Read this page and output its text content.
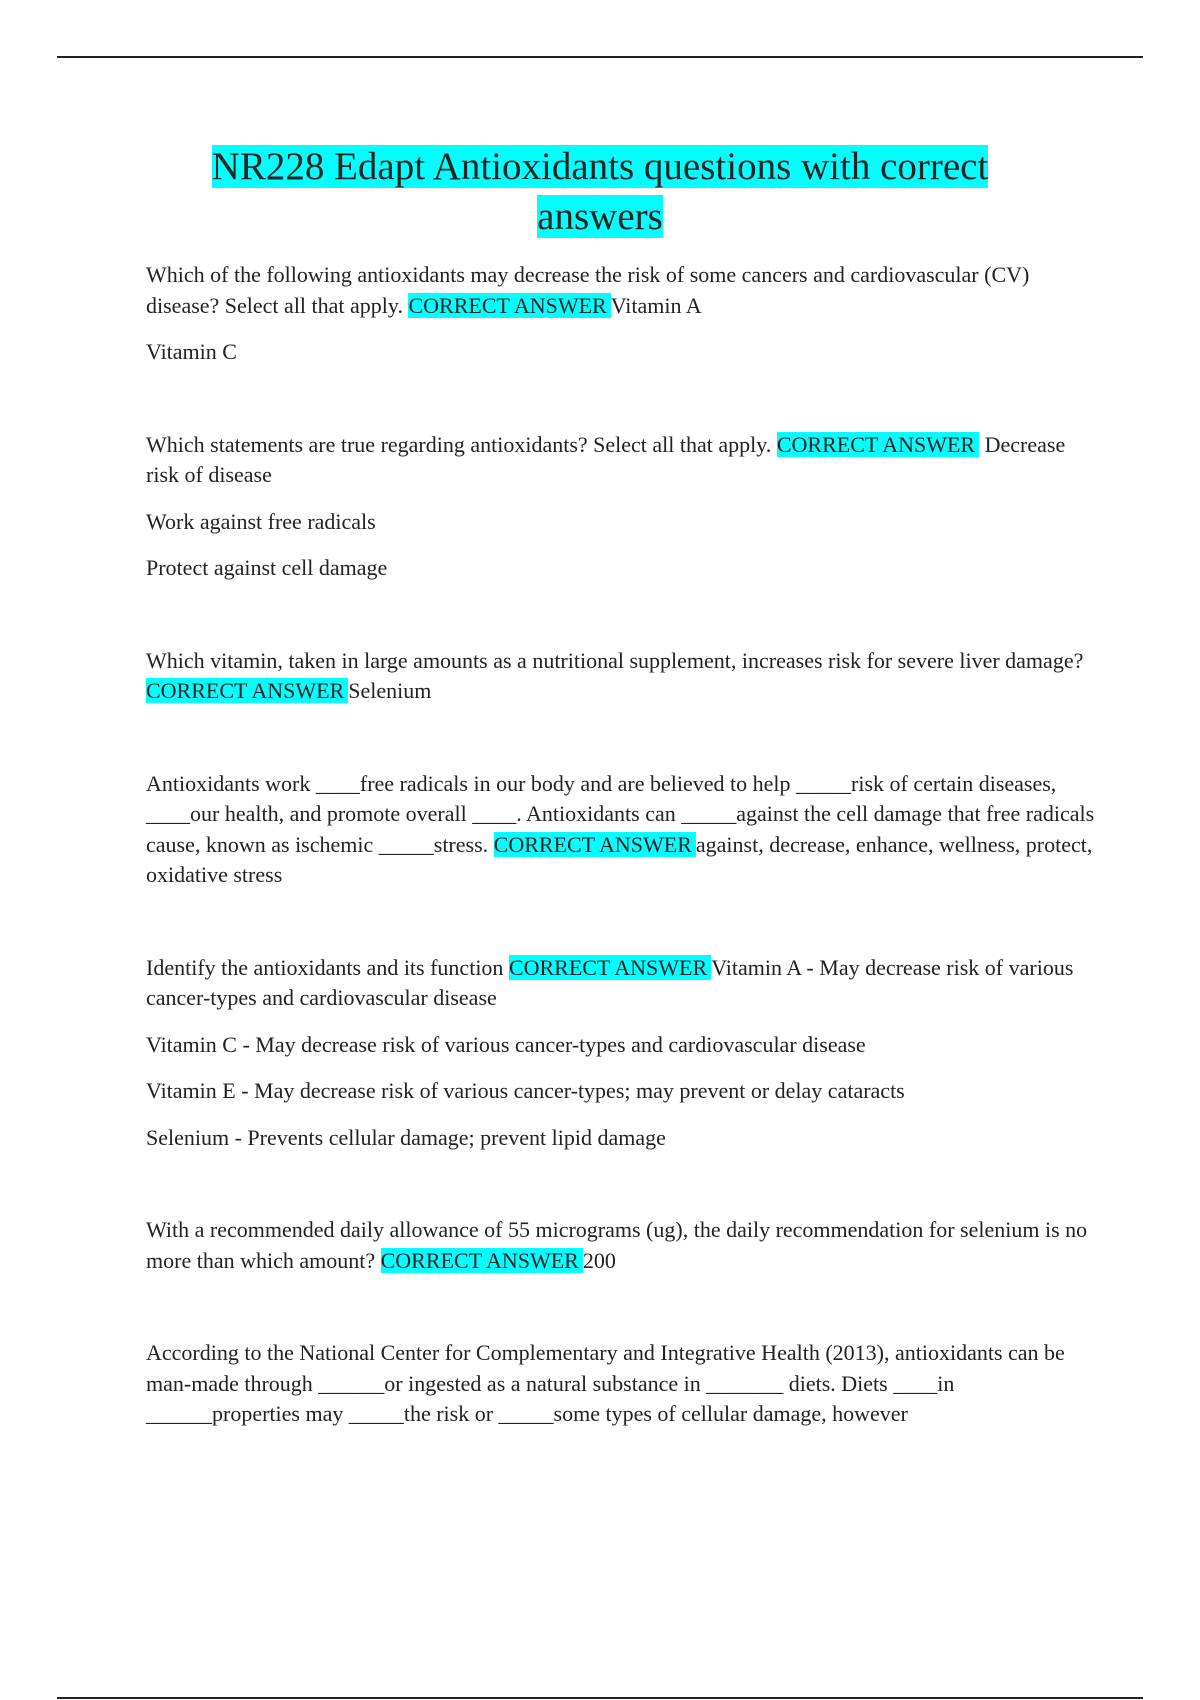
NR228 Edapt Antioxidants questions with correct
answers

Which of the following antioxidants may decrease the risk of some cancers and cardiovascular (CV) disease? Select all that apply. CORRECT ANSWER Vitamin A

Vitamin C

Which statements are true regarding antioxidants? Select all that apply. CORRECT ANSWER Decrease risk of disease

Work against free radicals

Protect against cell damage

Which vitamin, taken in large amounts as a nutritional supplement, increases risk for severe liver damage? CORRECT ANSWER Selenium

Antioxidants work ____free radicals in our body and are believed to help _____risk of certain diseases, ____our health, and promote overall ____. Antioxidants can _____against the cell damage that free radicals cause, known as ischemic _____stress. CORRECT ANSWER against, decrease, enhance, wellness, protect, oxidative stress

Identify the antioxidants and its function CORRECT ANSWER Vitamin A - May decrease risk of various cancer-types and cardiovascular disease

Vitamin C - May decrease risk of various cancer-types and cardiovascular disease

Vitamin E - May decrease risk of various cancer-types; may prevent or delay cataracts

Selenium - Prevents cellular damage; prevent lipid damage

With a recommended daily allowance of 55 micrograms (ug), the daily recommendation for selenium is no more than which amount? CORRECT ANSWER 200

According to the National Center for Complementary and Integrative Health (2013), antioxidants can be man-made through ______or ingested as a natural substance in _______ diets. Diets ____in ______properties may _____the risk or _____some types of cellular damage, however
